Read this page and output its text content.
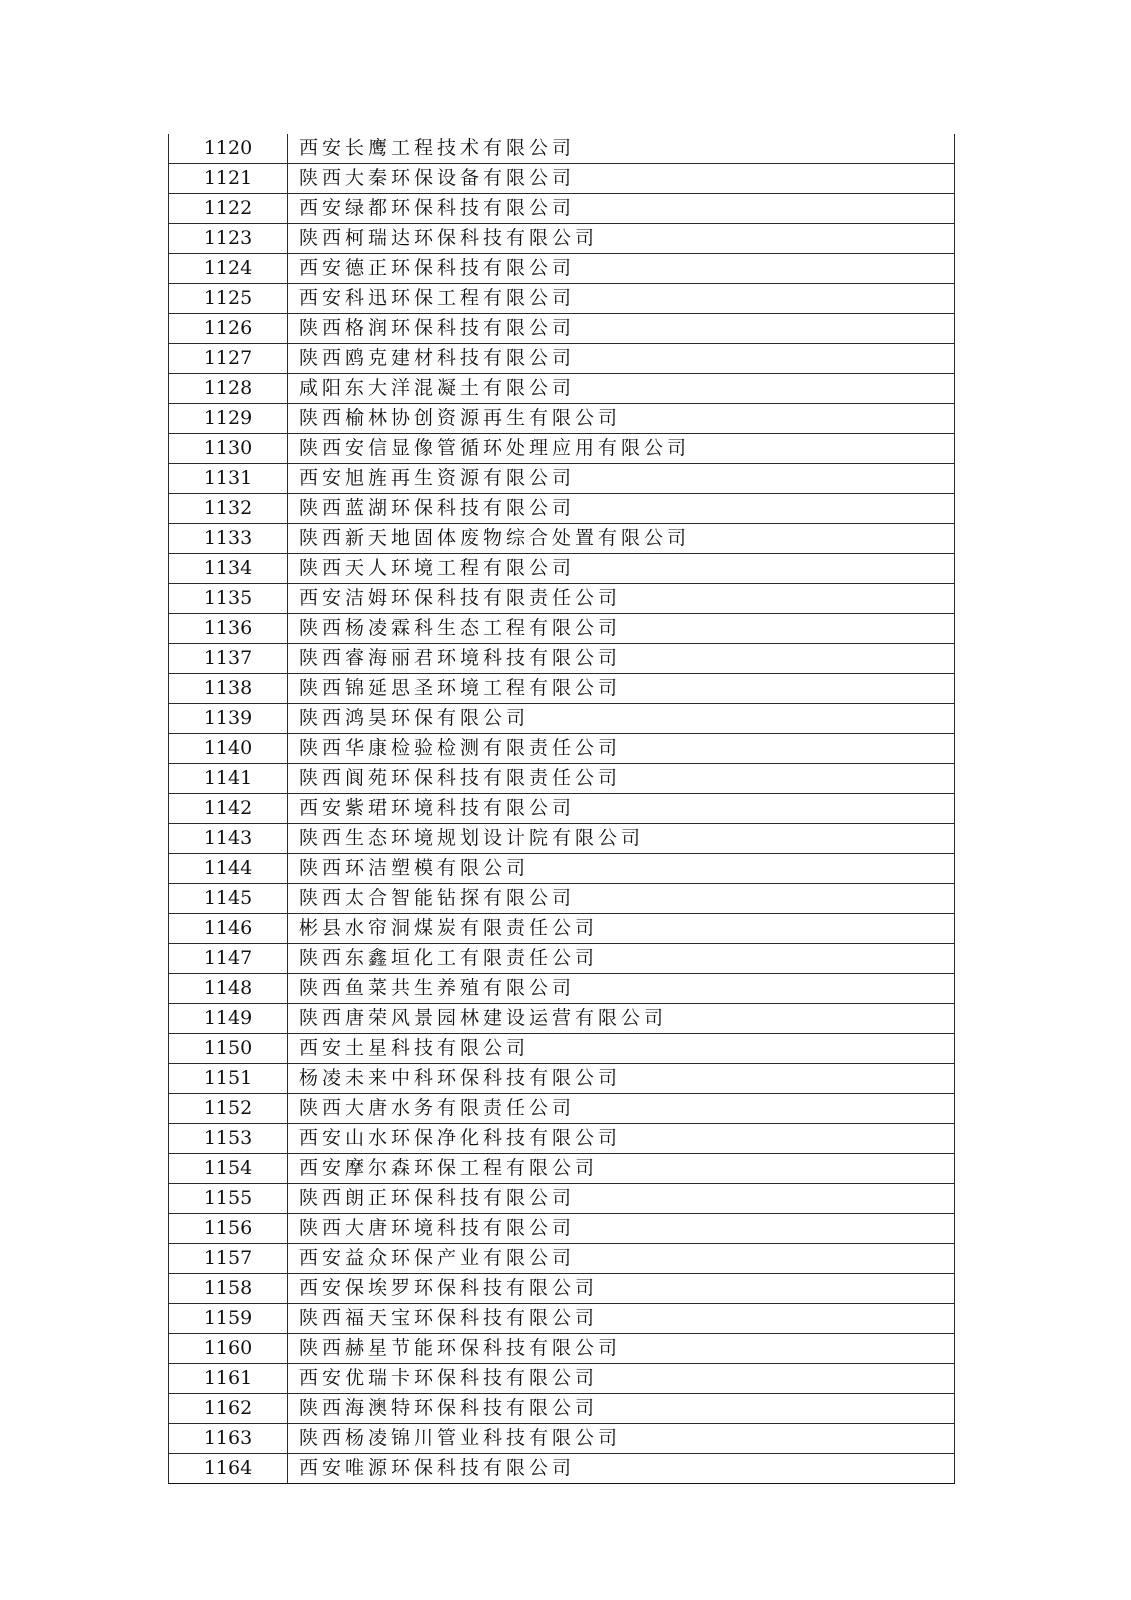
1120	西安长鹰工程技术有限公司
1121	陕西大秦环保设备有限公司
1122	西安绿都环保科技有限公司
1123	陕西柯瑞达环保科技有限公司
1124	西安德正环保科技有限公司
1125	西安科迅环保工程有限公司
1126	陕西格润环保科技有限公司
1127	陕西鸥克建材科技有限公司
1128	咸阳东大洋混凝土有限公司
1129	陕西榆林协创资源再生有限公司
1130	陕西安信显像管循环处理应用有限公司
1131	西安旭旌再生资源有限公司
1132	陕西蓝湖环保科技有限公司
1133	陕西新天地固体废物综合处置有限公司
1134	陕西天人环境工程有限公司
1135	西安洁姆环保科技有限责任公司
1136	陕西杨凌霖科生态工程有限公司
1137	陕西睿海丽君环境科技有限公司
1138	陕西锦延思圣环境工程有限公司
1139	陕西鸿昊环保有限公司
1140	陕西华康检验检测有限责任公司
1141	陕西阆苑环保科技有限责任公司
1142	西安紫珺环境科技有限公司
1143	陕西生态环境规划设计院有限公司
1144	陕西环洁塑模有限公司
1145	陕西太合智能钻探有限公司
1146	彬县水帘洞煤炭有限责任公司
1147	陕西东鑫垣化工有限责任公司
1148	陕西鱼菜共生养殖有限公司
1149	陕西唐荣风景园林建设运营有限公司
1150	西安土星科技有限公司
1151	杨凌未来中科环保科技有限公司
1152	陕西大唐水务有限责任公司
1153	西安山水环保净化科技有限公司
1154	西安摩尔森环保工程有限公司
1155	陕西朗正环保科技有限公司
1156	陕西大唐环境科技有限公司
1157	西安益众环保产业有限公司
1158	西安保埃罗环保科技有限公司
1159	陕西福天宝环保科技有限公司
1160	陕西赫星节能环保科技有限公司
1161	西安优瑞卡环保科技有限公司
1162	陕西海澳特环保科技有限公司
1163	陕西杨凌锦川管业科技有限公司
1164	西安唯源环保科技有限公司
